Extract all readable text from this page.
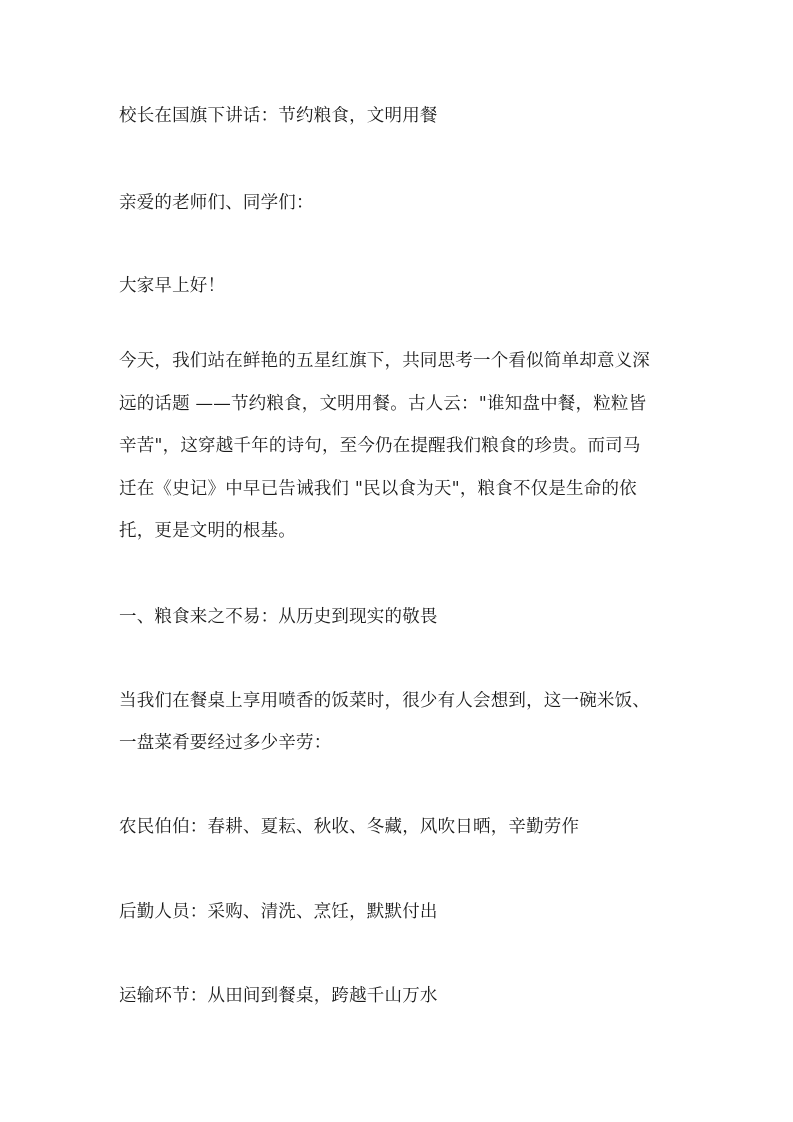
校长在国旗下讲话：节约粮食，文明用餐
亲爱的老师们、同学们：
大家早上好！
今天，我们站在鲜艳的五星红旗下，共同思考一个看似简单却意义深
远的话题 ——节约粮食，文明用餐。古人云："谁知盘中餐，粒粒皆
辛苦"，这穿越千年的诗句，至今仍在提醒我们粮食的珍贵。而司马
迁在《史记》中早已告诫我们 "民以食为天"，粮食不仅是生命的依
托，更是文明的根基。
一、粮食来之不易：从历史到现实的敬畏
当我们在餐桌上享用喷香的饭菜时，很少有人会想到，这一碗米饭、
一盘菜肴要经过多少辛劳：
农民伯伯：春耕、夏耘、秋收、冬藏，风吹日晒，辛勤劳作
后勤人员：采购、清洗、烹饪，默默付出
运输环节：从田间到餐桌，跨越千山万水
